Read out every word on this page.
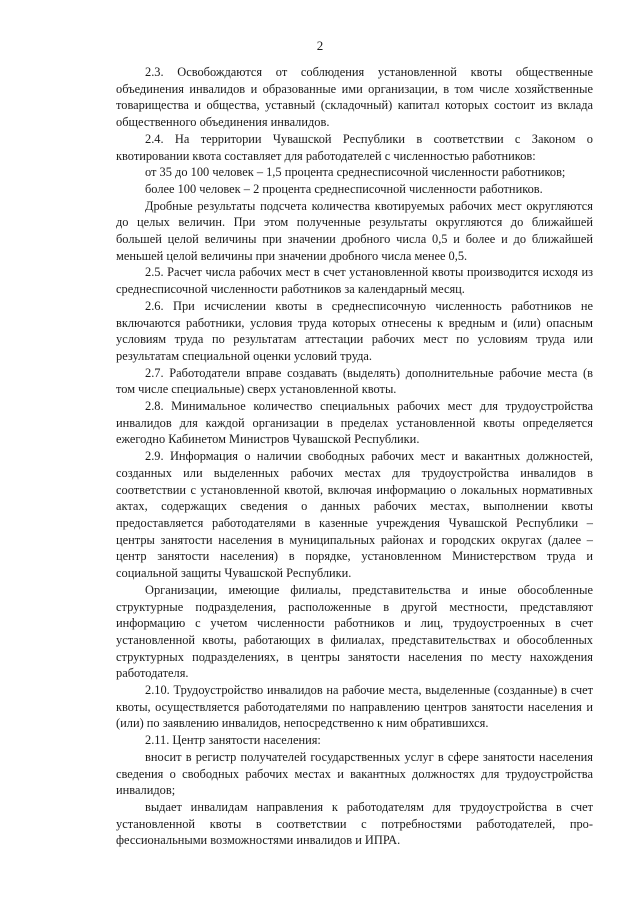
2

2.3. Освобождаются от соблюдения установленной квоты общественные объединения инвалидов и образованные ими организации, в том числе хозяйственные товарищества и общества, уставный (складочный) капитал которых состоит из вклада общественного объединения инвалидов.

2.4. На территории Чувашской Республики в соответствии с Законом о квотировании квота составляет для работодателей с численностью работников:

от 35 до 100 человек – 1,5 процента среднесписочной численности работников;

более 100 человек – 2 процента среднесписочной численности работников.

Дробные результаты подсчета количества квотируемых рабочих мест округляются до целых величин. При этом полученные результаты округляются до ближайшей большей целой величины при значении дробного числа 0,5 и более и до ближайшей меньшей целой величины при значении дробного числа менее 0,5.

2.5. Расчет числа рабочих мест в счет установленной квоты производится исходя из среднесписочной численности работников за календарный месяц.

2.6. При исчислении квоты в среднесписочную численность работников не включаются работники, условия труда которых отнесены к вредным и (или) опасным условиям труда по результатам аттестации рабочих мест по условиям труда или результатам специальной оценки условий труда.

2.7. Работодатели вправе создавать (выделять) дополнительные рабочие места (в том числе специальные) сверх установленной квоты.

2.8. Минимальное количество специальных рабочих мест для трудоустройства инвалидов для каждой организации в пределах установленной квоты определяется ежегодно Кабинетом Министров Чувашской Республики.

2.9. Информация о наличии свободных рабочих мест и вакантных должностей, созданных или выделенных рабочих местах для трудоустройства инвалидов в соответствии с установленной квотой, включая информацию о локальных нормативных актах, содержащих сведения о данных рабочих местах, выполнении квоты предоставляется работодателями в казенные учреждения Чувашской Республики – центры занятости населения в муниципальных районах и городских округах (далее – центр занятости населения) в порядке, установленном Министерством труда и социальной защиты Чувашской Республики.

Организации, имеющие филиалы, представительства и иные обособленные структурные подразделения, расположенные в другой местности, представляют информацию с учетом численности работников и лиц, трудоустроенных в счет установленной квоты, работающих в филиалах, представительствах и обособленных структурных подразделениях, в центры занятости населения по месту нахождения работодателя.

2.10. Трудоустройство инвалидов на рабочие места, выделенные (созданные) в счет квоты, осуществляется работодателями по направлению центров занятости населения и (или) по заявлению инвалидов, непосредственно к ним обратившихся.

2.11. Центр занятости населения:

вносит в регистр получателей государственных услуг в сфере занятости населения сведения о свободных рабочих местах и вакантных должностях для трудоустройства инвалидов;

выдает инвалидам направления к работодателям для трудоустройства в счет установленной квоты в соответствии с потребностями работодателей, профессиональными возможностями инвалидов и ИПРА.
